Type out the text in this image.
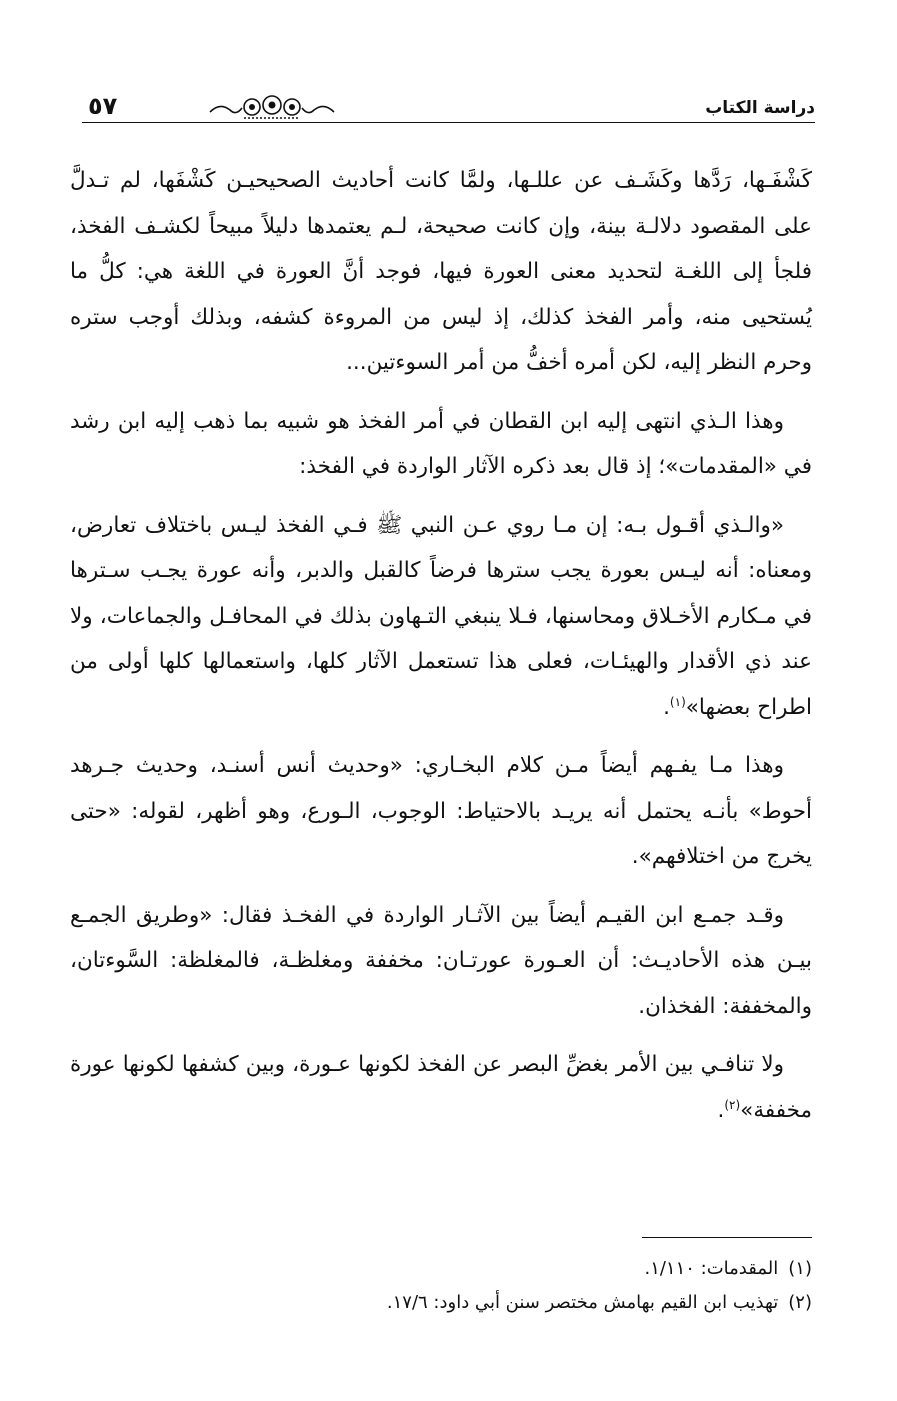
دراسة الكتاب
٥٧

كَشْفَـها، رَدَّها وكَشَـف عن عللـها، ولمَّا كانت أحاديث الصحيحيـن كَشْفَها، لم تـدلَّ على المقصود دلالـة بينة، وإن كانت صحيحة، لـم يعتمدها دليلاً مبيحاً لكشـف الفخذ، فلجأ إلى اللغـة لتحديد معنى العورة فيها، فوجد أنَّ العورة في اللغة هي: كلُّ ما يُستحيى منه، وأمر الفخذ كذلك، إذ ليس من المروءة كشفه، وبذلك أوجب ستره وحرم النظر إليه، لكن أمره أخفُّ من أمر السوءتين...

وهذا الـذي انتهى إليه ابن القطان في أمر الفخذ هو شبيه بما ذهب إليه ابن رشد في «المقدمات»؛ إذ قال بعد ذكره الآثار الواردة في الفخذ:

«والـذي أقـول بـه: إن مـا روي عـن النبي ﷺ فـي الفخذ ليـس باختلاف تعارض، ومعناه: أنه ليـس بعورة يجب سترها فرضاً كالقبل والدبر، وأنه عورة يجـب سـترها في مـكارم الأخـلاق ومحاسنها، فـلا ينبغي التـهاون بذلك في المحافـل والجماعات، ولا عند ذي الأقدار والهيئـات، فعلى هذا تستعمل الآثار كلها، واستعمالها كلها أولى من اطراح بعضها»$^{(١)}$.

وهذا مـا يفـهم أيضاً مـن كلام البخـاري: «وحديث أنس أسنـد، وحديث جـرهد أحوط» بأنـه يحتمل أنه يريـد بالاحتياط: الوجوب، الـورع، وهو أظهر، لقوله: «حتى يخرج من اختلافهم».

وقـد جمـع ابن القيـم أيضاً بين الآثـار الواردة في الفخـذ فقال: «وطريق الجمـع بيـن هذه الأحاديـث: أن العـورة عورتـان: مخففة ومغلظـة، فالمغلظة: السَّوءتان، والمخففة: الفخذان.

ولا تنافـي بين الأمر بغضِّ البصر عن الفخذ لكونها عـورة، وبين كشفها لكونها عورة مخففة»$^{(٢)}$.

(١)المقدمات: ١/١١٠.
(٢)تهذيب ابن القيم بهامش مختصر سنن أبي داود: ١٧/٦.
